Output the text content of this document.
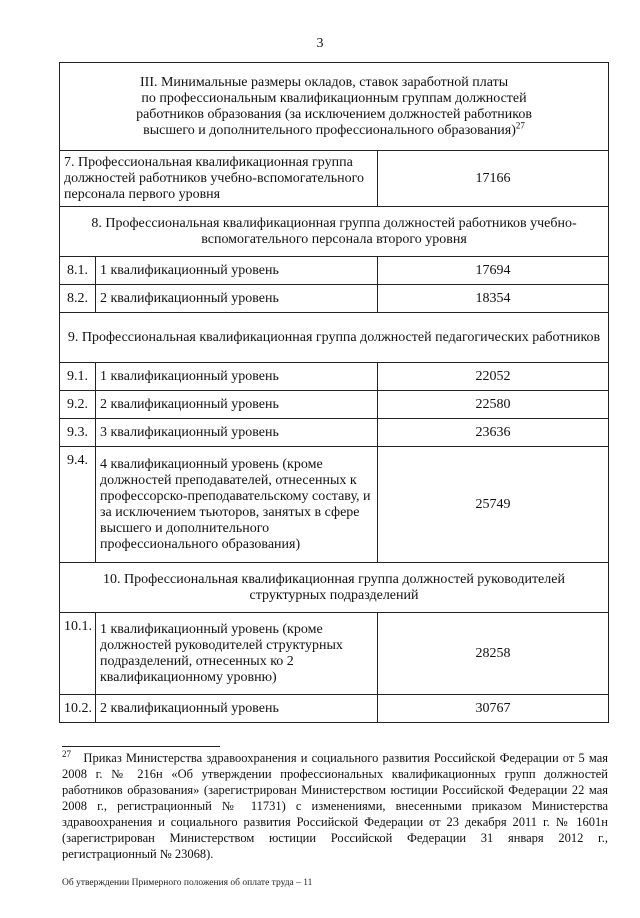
3
III. Минимальные размеры окладов, ставок заработной платы
по профессиональным квалификационным группам должностей
работников образования (за исключением должностей работников
высшего и дополнительного профессионального образования)$^{27}$

7. Профессиональная квалификационная группа должностей работников учебно-вспомогательного персонала первого уровня		17166
8. Профессиональная квалификационная группа должностей работников учебно-вспомогательного персонала второго уровня		
8.1.	1 квалификационный уровень	17694
8.2.	2 квалификационный уровень	18354
9. Профессиональная квалификационная группа должностей педагогических работников		
9.1.	1 квалификационный уровень	22052
9.2.	2 квалификационный уровень	22580
9.3.	3 квалификационный уровень	23636
9.4.	4 квалификационный уровень (кроме должностей преподавателей, отнесенных к профессорско-преподавательскому составу, и за исключением тьюторов, занятых в сфере высшего и дополнительного профессионального образования)	25749
10. Профессиональная квалификационная группа должностей руководителей структурных подразделений		
10.1.	1 квалификационный уровень (кроме должностей руководителей структурных подразделений, отнесенных ко 2 квалификационному уровню)	28258
10.2.	2 квалификационный уровень	30767
$^{27}$ Приказ Министерства здравоохранения и социального развития Российской Федерации от 5 мая 2008 г. № 216н «Об утверждении профессиональных квалификационных групп должностей работников образования» (зарегистрирован Министерством юстиции Российской Федерации 22 мая 2008 г., регистрационный № 11731) с изменениями, внесенными приказом Министерства здравоохранения и социального развития Российской Федерации от 23 декабря 2011 г. № 1601н (зарегистрирован Министерством юстиции Российской Федерации 31 января 2012 г., регистрационный № 23068).
Об утверждении Примерного положения об оплате труда – 11
